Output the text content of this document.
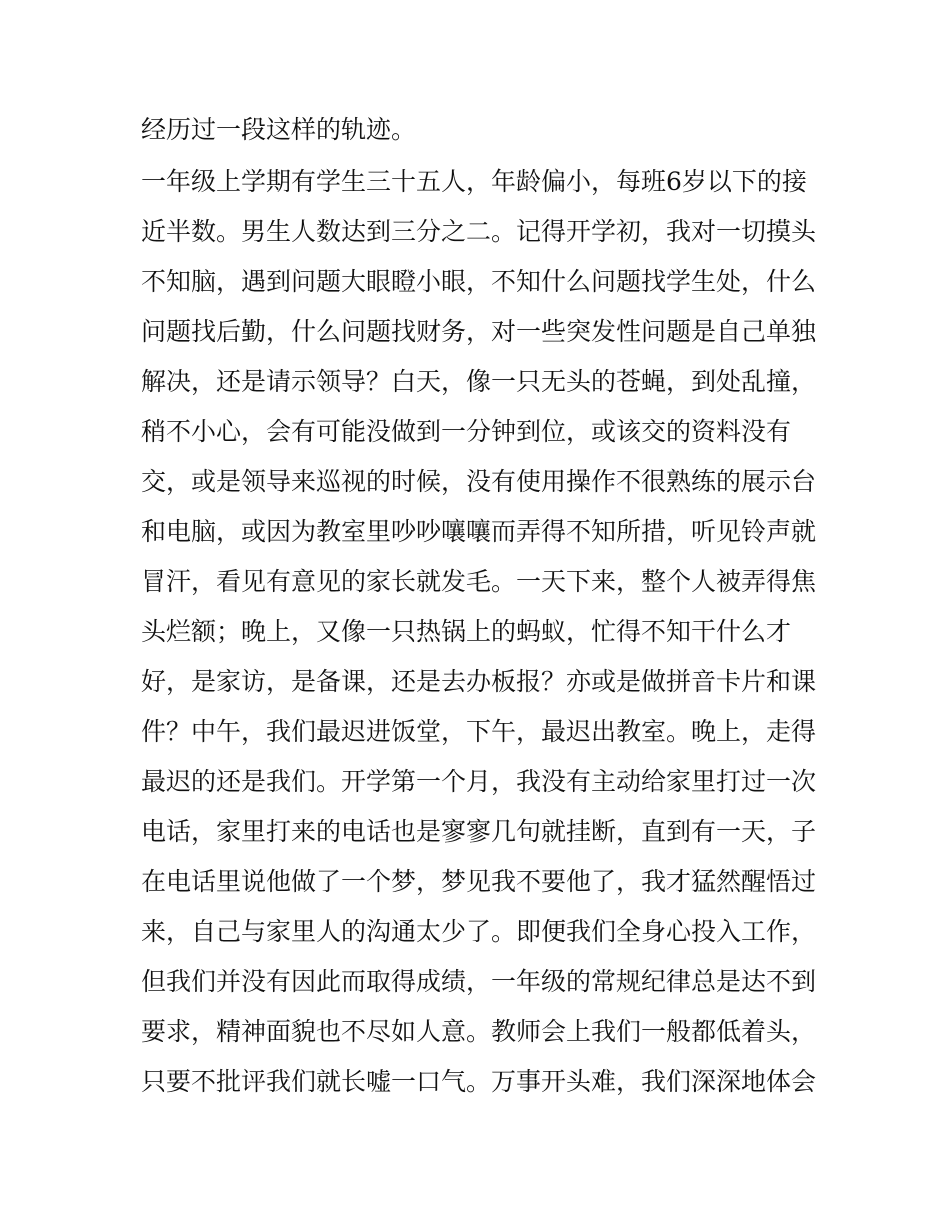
经历过一段这样的轨迹。
一年级上学期有学生三十五人，年龄偏小，每班6岁以下的接
近半数。男生人数达到三分之二。记得开学初，我对一切摸头
不知脑，遇到问题大眼瞪小眼，不知什么问题找学生处，什么
问题找后勤，什么问题找财务，对一些突发性问题是自己单独
解决，还是请示领导？白天，像一只无头的苍蝇，到处乱撞，
稍不小心，会有可能没做到一分钟到位，或该交的资料没有
交，或是领导来巡视的时候，没有使用操作不很熟练的展示台
和电脑，或因为教室里吵吵嚷嚷而弄得不知所措，听见铃声就
冒汗，看见有意见的家长就发毛。一天下来，整个人被弄得焦
头烂额；晚上，又像一只热锅上的蚂蚁，忙得不知干什么才
好，是家访，是备课，还是去办板报？亦或是做拼音卡片和课
件？中午，我们最迟进饭堂，下午，最迟出教室。晚上，走得
最迟的还是我们。开学第一个月，我没有主动给家里打过一次
电话，家里打来的电话也是寥寥几句就挂断，直到有一天，子
在电话里说他做了一个梦，梦见我不要他了，我才猛然醒悟过
来，自己与家里人的沟通太少了。即便我们全身心投入工作，
但我们并没有因此而取得成绩，一年级的常规纪律总是达不到
要求，精神面貌也不尽如人意。教师会上我们一般都低着头，
只要不批评我们就长嘘一口气。万事开头难，我们深深地体会
